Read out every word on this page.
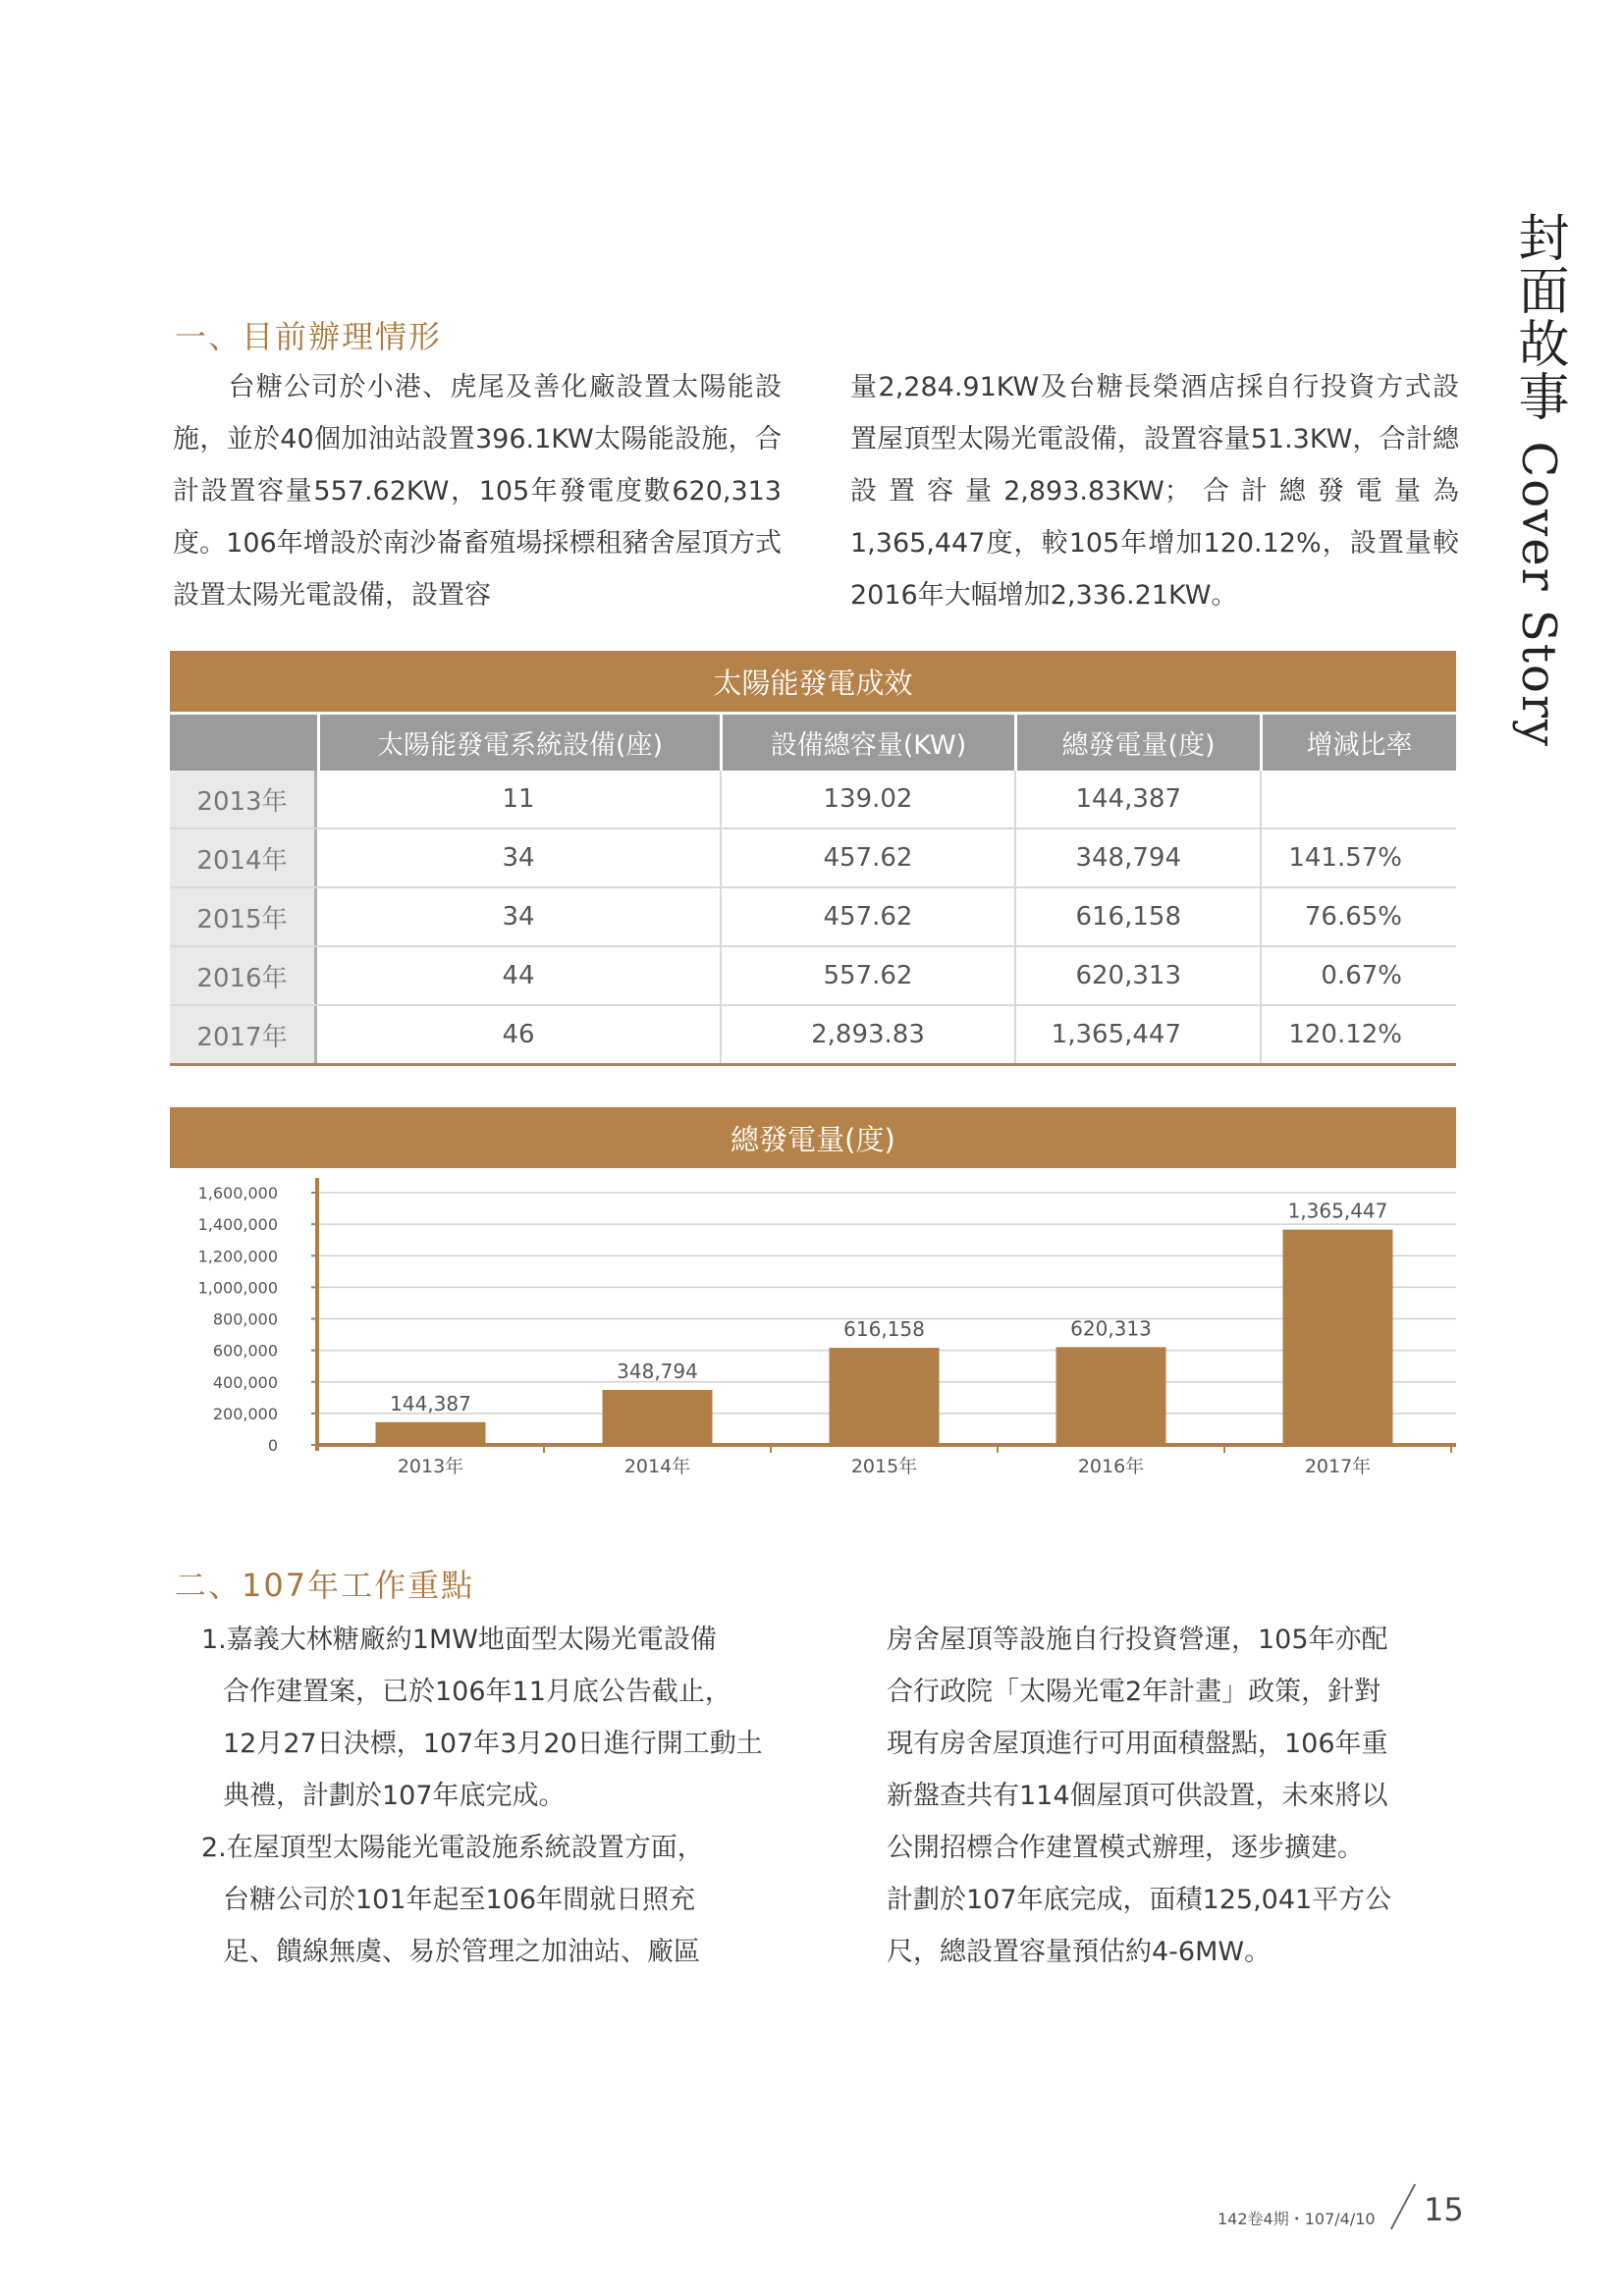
封面故事 Cover Story
一、目前辦理情形

　　台糖公司於小港、虎尾及善化廠設置太陽能設施，並於40個加油站設置396.1KW太陽能設施，合計設置容量557.62KW，105年發電度數620,313度。106年增設於南沙崙畜殖場採標租豬舍屋頂方式設置太陽光電設備，設置容

量2,284.91KW及台糖長榮酒店採自行投資方式設置屋頂型太陽光電設備，設置容量51.3KW，合計總設置容量2,893.83KW；合計總發電量為1,365,447度，較105年增加120.12%，設置量較2016年大幅增加2,336.21KW。

太陽能發電成效
太陽能發電系統設備(座)	設備總容量(KW)	總發電量(度)	增減比率
2013年	11	139.02	144,387
2014年	34	457.62	348,794	141.57%
2015年	34	457.62	616,158	76.65%
2016年	44	557.62	620,313	0.67%
2017年	46	2,893.83	1,365,447	120.12%
總發電量(度)
0
200,000
400,000
600,000
800,000
1,000,000
1,200,000
1,400,000
1,600,000
144,387
2013年
348,794
2014年
616,158
2015年
620,313
2016年
1,365,447
2017年
二、107年工作重點
1.嘉義大林糖廠約1MW地面型太陽光電設備
合作建置案，已於106年11月底公告截止，
12月27日決標，107年3月20日進行開工動土
典禮，計劃於107年底完成。
2.在屋頂型太陽能光電設施系統設置方面，
台糖公司於101年起至106年間就日照充
足、饋線無虞、易於管理之加油站、廠區
房舍屋頂等設施自行投資營運，105年亦配
合行政院「太陽光電2年計畫」政策，針對
現有房舍屋頂進行可用面積盤點，106年重
新盤查共有114個屋頂可供設置，未來將以
公開招標合作建置模式辦理，逐步擴建。
計劃於107年底完成，面積125,041平方公
尺，總設置容量預估約4-6MW。
142卷4期・107/4/10 15
